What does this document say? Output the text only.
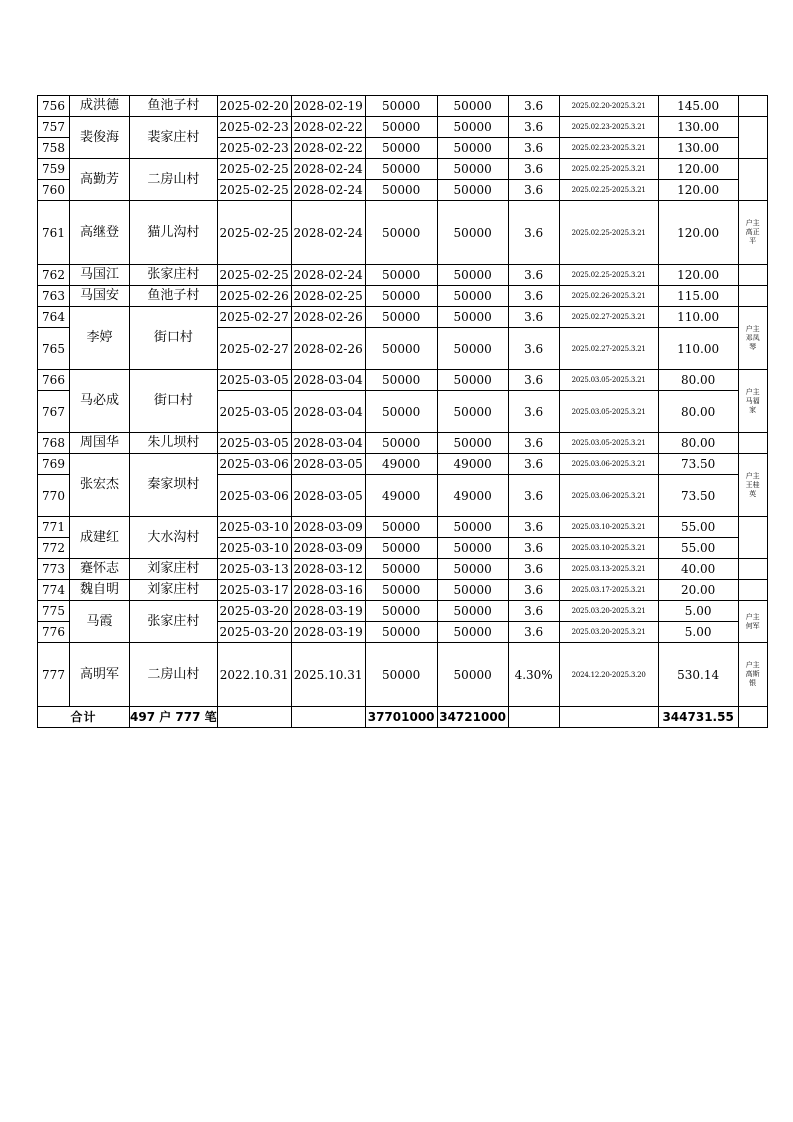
756	成洪德	鱼池子村	2025-02-20	2028-02-19	50000	50000	3.6	2025.02.20-2025.3.21	145.00	

757	裴俊海	裴家庄村	2025-02-23	2028-02-22	50000	50000	3.6	2025.02.23-2025.3.21	130.00	

758			2025-02-23	2028-02-22	50000	50000	3.6	2025.02.23-2025.3.21	130.00	
759	高勤芳	二房山村	2025-02-25	2028-02-24	50000	50000	3.6	2025.02.25-2025.3.21	120.00	

760			2025-02-25	2028-02-24	50000	50000	3.6	2025.02.25-2025.3.21	120.00	
761	高继登	猫儿沟村	2025-02-25	2028-02-24	50000	50000	3.6	2025.02.25-2025.3.21	120.00	户主高正平

762	马国江	张家庄村	2025-02-25	2028-02-24	50000	50000	3.6	2025.02.25-2025.3.21	120.00	

763	马国安	鱼池子村	2025-02-26	2028-02-25	50000	50000	3.6	2025.02.26-2025.3.21	115.00	

764	李婷	街口村	2025-02-27	2028-02-26	50000	50000	3.6	2025.02.27-2025.3.21	110.00	户主邓凤琴

765			2025-02-27	2028-02-26	50000	50000	3.6	2025.02.27-2025.3.21	110.00	
766	马必成	街口村	2025-03-05	2028-03-04	50000	50000	3.6	2025.03.05-2025.3.21	80.00	户主马福家

767			2025-03-05	2028-03-04	50000	50000	3.6	2025.03.05-2025.3.21	80.00	
768	周国华	朱儿坝村	2025-03-05	2028-03-04	50000	50000	3.6	2025.03.05-2025.3.21	80.00	

769	张宏杰	秦家坝村	2025-03-06	2028-03-05	49000	49000	3.6	2025.03.06-2025.3.21	73.50	户主王桂英

770			2025-03-06	2028-03-05	49000	49000	3.6	2025.03.06-2025.3.21	73.50	
771	成建红	大水沟村	2025-03-10	2028-03-09	50000	50000	3.6	2025.03.10-2025.3.21	55.00	

772			2025-03-10	2028-03-09	50000	50000	3.6	2025.03.10-2025.3.21	55.00	
773	蹇怀志	刘家庄村	2025-03-13	2028-03-12	50000	50000	3.6	2025.03.13-2025.3.21	40.00	

774	魏自明	刘家庄村	2025-03-17	2028-03-16	50000	50000	3.6	2025.03.17-2025.3.21	20.00	

775	马霞	张家庄村	2025-03-20	2028-03-19	50000	50000	3.6	2025.03.20-2025.3.21	5.00	户主何军

776			2025-03-20	2028-03-19	50000	50000	3.6	2025.03.20-2025.3.21	5.00	
777	高明军	二房山村	2022.10.31	2025.10.31	50000	50000	4.30%	2024.12.20-2025.3.20	530.14	户主高斯银

合计		497 户 777 笔			37701000	34721000			344731.55	
